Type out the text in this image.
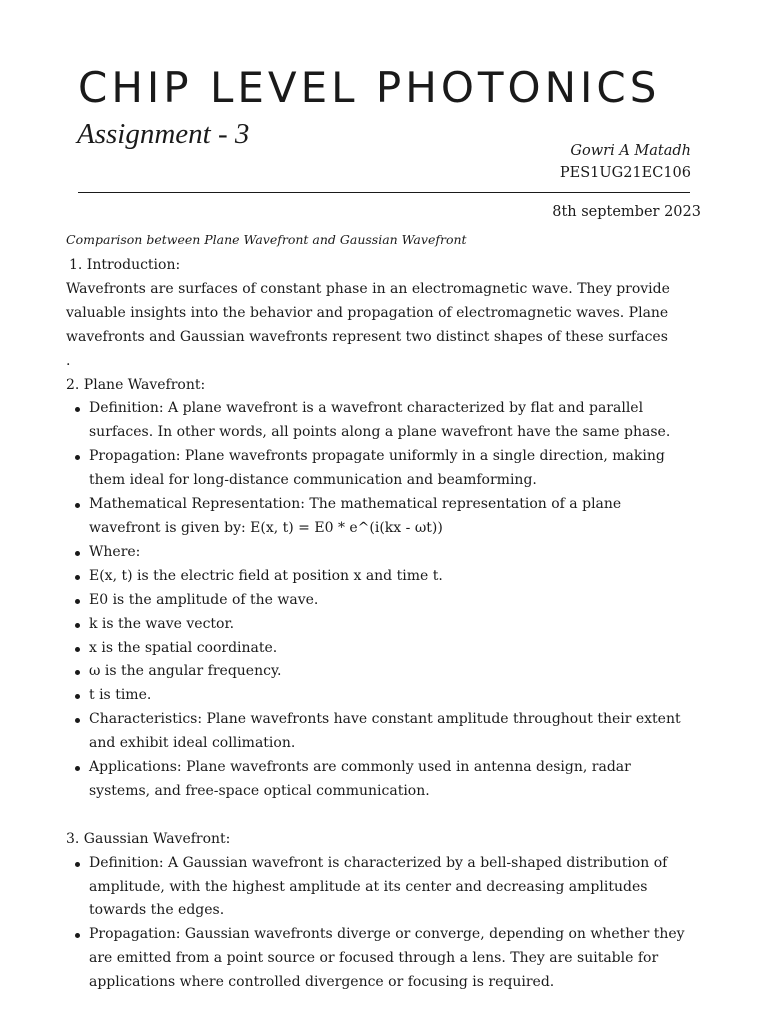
CHIP LEVEL PHOTONICS
Assignment - 3
Gowri A Matadh
PES1UG21EC106
8th september 2023
Comparison between Plane Wavefront and Gaussian Wavefront

1. Introduction:

Wavefronts are surfaces of constant phase in an electromagnetic wave. They provide
valuable insights into the behavior and propagation of electromagnetic waves. Plane
wavefronts and Gaussian wavefronts represent two distinct shapes of these surfaces
.

2. Plane Wavefront:

Definition: A plane wavefront is a wavefront characterized by flat and parallel
surfaces. In other words, all points along a plane wavefront have the same phase.
Propagation: Plane wavefronts propagate uniformly in a single direction, making
them ideal for long-distance communication and beamforming.
Mathematical Representation: The mathematical representation of a plane
wavefront is given by: E(x, t) = E0 * e^(i(kx - ωt))
Where:
E(x, t) is the electric field at position x and time t.
E0 is the amplitude of the wave.
k is the wave vector.
x is the spatial coordinate.
ω is the angular frequency.
t is time.
Characteristics: Plane wavefronts have constant amplitude throughout their extent
and exhibit ideal collimation.
Applications: Plane wavefronts are commonly used in antenna design, radar
systems, and free-space optical communication.

3. Gaussian Wavefront:

Definition: A Gaussian wavefront is characterized by a bell-shaped distribution of
amplitude, with the highest amplitude at its center and decreasing amplitudes
towards the edges.
Propagation: Gaussian wavefronts diverge or converge, depending on whether they
are emitted from a point source or focused through a lens. They are suitable for
applications where controlled divergence or focusing is required.
